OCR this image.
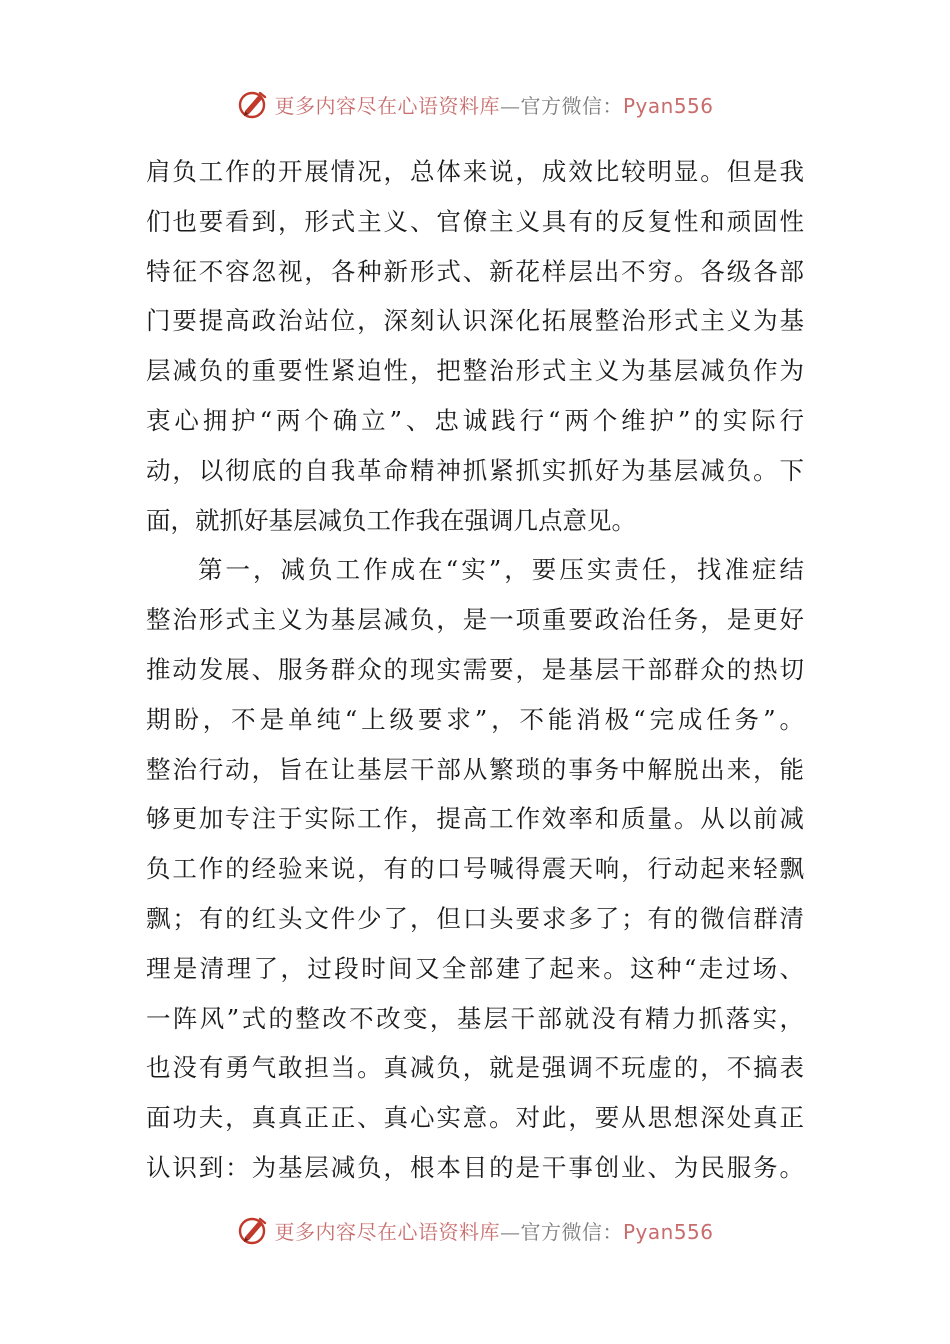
更多内容尽在心语资料库—官方微信：Pyan556
肩负工作的开展情况，总体来说，成效比较明显。但是我
们也要看到，形式主义、官僚主义具有的反复性和顽固性
特征不容忽视，各种新形式、新花样层出不穷。各级各部
门要提高政治站位，深刻认识深化拓展整治形式主义为基
层减负的重要性紧迫性，把整治形式主义为基层减负作为
衷心拥护“两个确立”、忠诚践行“两个维护”的实际行
动，以彻底的自我革命精神抓紧抓实抓好为基层减负。下
面，就抓好基层减负工作我在强调几点意见。
第一，减负工作成在“实”，要压实责任，找准症结
整治形式主义为基层减负，是一项重要政治任务，是更好
推动发展、服务群众的现实需要，是基层干部群众的热切
期盼，不是单纯“上级要求”，不能消极“完成任务”。
整治行动，旨在让基层干部从繁琐的事务中解脱出来，能
够更加专注于实际工作，提高工作效率和质量。从以前减
负工作的经验来说，有的口号喊得震天响，行动起来轻飘
飘；有的红头文件少了，但口头要求多了；有的微信群清
理是清理了，过段时间又全部建了起来。这种“走过场、
一阵风”式的整改不改变，基层干部就没有精力抓落实，
也没有勇气敢担当。真减负，就是强调不玩虚的，不搞表
面功夫，真真正正、真心实意。对此，要从思想深处真正
认识到：为基层减负，根本目的是干事创业、为民服务。
更多内容尽在心语资料库—官方微信：Pyan556
